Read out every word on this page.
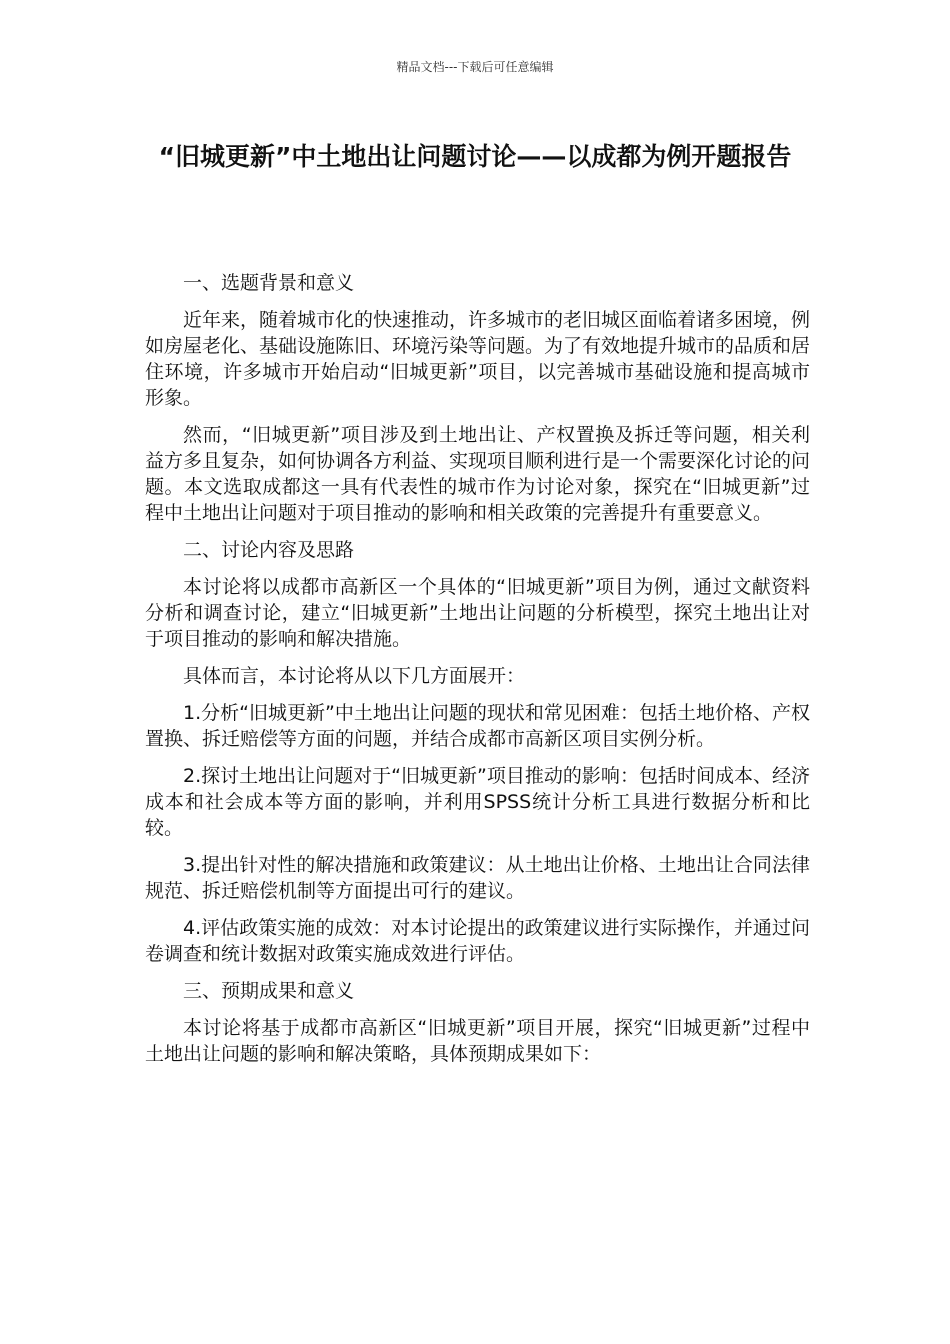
精品文档---下载后可任意编辑
“旧城更新”中土地出让问题讨论——以成都为例开题报告

一、选题背景和意义

近年来，随着城市化的快速推动，许多城市的老旧城区面临着诸多困境，例如房屋老化、基础设施陈旧、环境污染等问题。为了有效地提升城市的品质和居住环境，许多城市开始启动“旧城更新”项目，以完善城市基础设施和提高城市形象。

然而，“旧城更新”项目涉及到土地出让、产权置换及拆迁等问题，相关利益方多且复杂，如何协调各方利益、实现项目顺利进行是一个需要深化讨论的问题。本文选取成都这一具有代表性的城市作为讨论对象，探究在“旧城更新”过程中土地出让问题对于项目推动的影响和相关政策的完善提升有重要意义。

二、讨论内容及思路

本讨论将以成都市高新区一个具体的“旧城更新”项目为例，通过文献资料分析和调查讨论，建立“旧城更新”土地出让问题的分析模型，探究土地出让对于项目推动的影响和解决措施。

具体而言，本讨论将从以下几方面展开：

1.分析“旧城更新”中土地出让问题的现状和常见困难：包括土地价格、产权置换、拆迁赔偿等方面的问题，并结合成都市高新区项目实例分析。

2.探讨土地出让问题对于“旧城更新”项目推动的影响：包括时间成本、经济成本和社会成本等方面的影响，并利用SPSS统计分析工具进行数据分析和比较。

3.提出针对性的解决措施和政策建议：从土地出让价格、土地出让合同法律规范、拆迁赔偿机制等方面提出可行的建议。

4.评估政策实施的成效：对本讨论提出的政策建议进行实际操作，并通过问卷调查和统计数据对政策实施成效进行评估。

三、预期成果和意义

本讨论将基于成都市高新区“旧城更新”项目开展，探究“旧城更新”过程中土地出让问题的影响和解决策略，具体预期成果如下：
